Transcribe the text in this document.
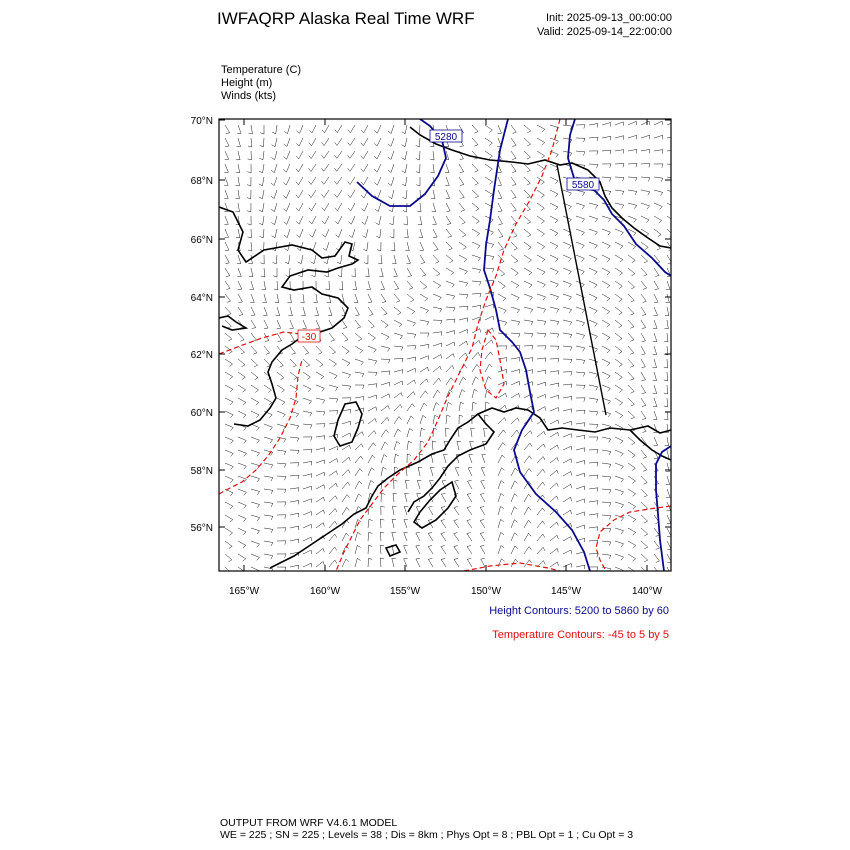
IWFAQRP Alaska Real Time WRF	Init: 2025-09-13_00:00:00
Valid: 2025-09-14_22:00:00
Temperature (C)
Height (m)
Winds (kts)
5280
5580
-30
70°N
68°N
66°N
64°N
62°N
60°N
58°N
56°N
165°W	160°W	155°W	150°W	145°W	140°W
Height Contours: 5200 to 5860 by 60
Temperature Contours: -45 to 5 by 5
OUTPUT FROM WRF V4.6.1 MODEL
WE = 225 ; SN = 225 ; Levels = 38 ; Dis = 8km ; Phys Opt = 8 ; PBL Opt = 1 ; Cu Opt = 3
